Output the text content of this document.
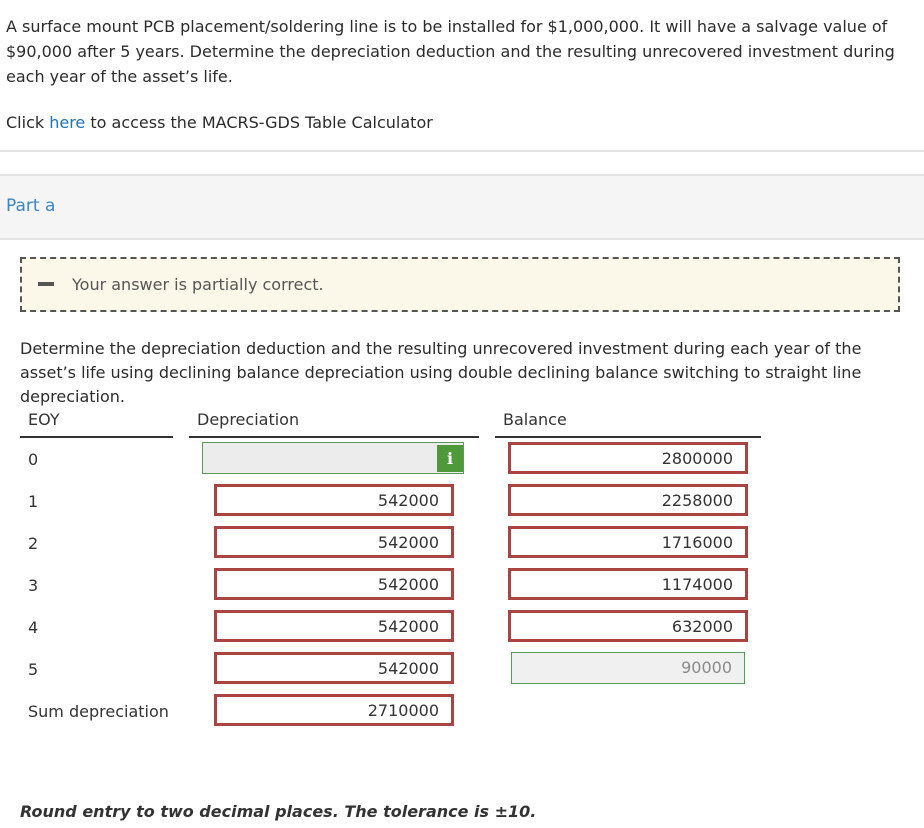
A surface mount PCB placement/soldering line is to be installed for $1,000,000. It will have a salvage value of $90,000 after 5 years. Determine the depreciation deduction and the resulting unrecovered investment during each year of the asset’s life.
Click here to access the MACRS-GDS Table Calculator
Part a
Your answer is partially correct.
Determine the depreciation deduction and the resulting unrecovered investment during each year of the asset’s life using declining balance depreciation using double declining balance switching to straight line depreciation.
EOY	Depreciation	Balance
0	i	2800000
1	542000	2258000
2	542000	1716000
3	542000	1174000
4	542000	632000
5	542000	90000
Sum depreciation	2710000
Round entry to two decimal places. The tolerance is ±10.
